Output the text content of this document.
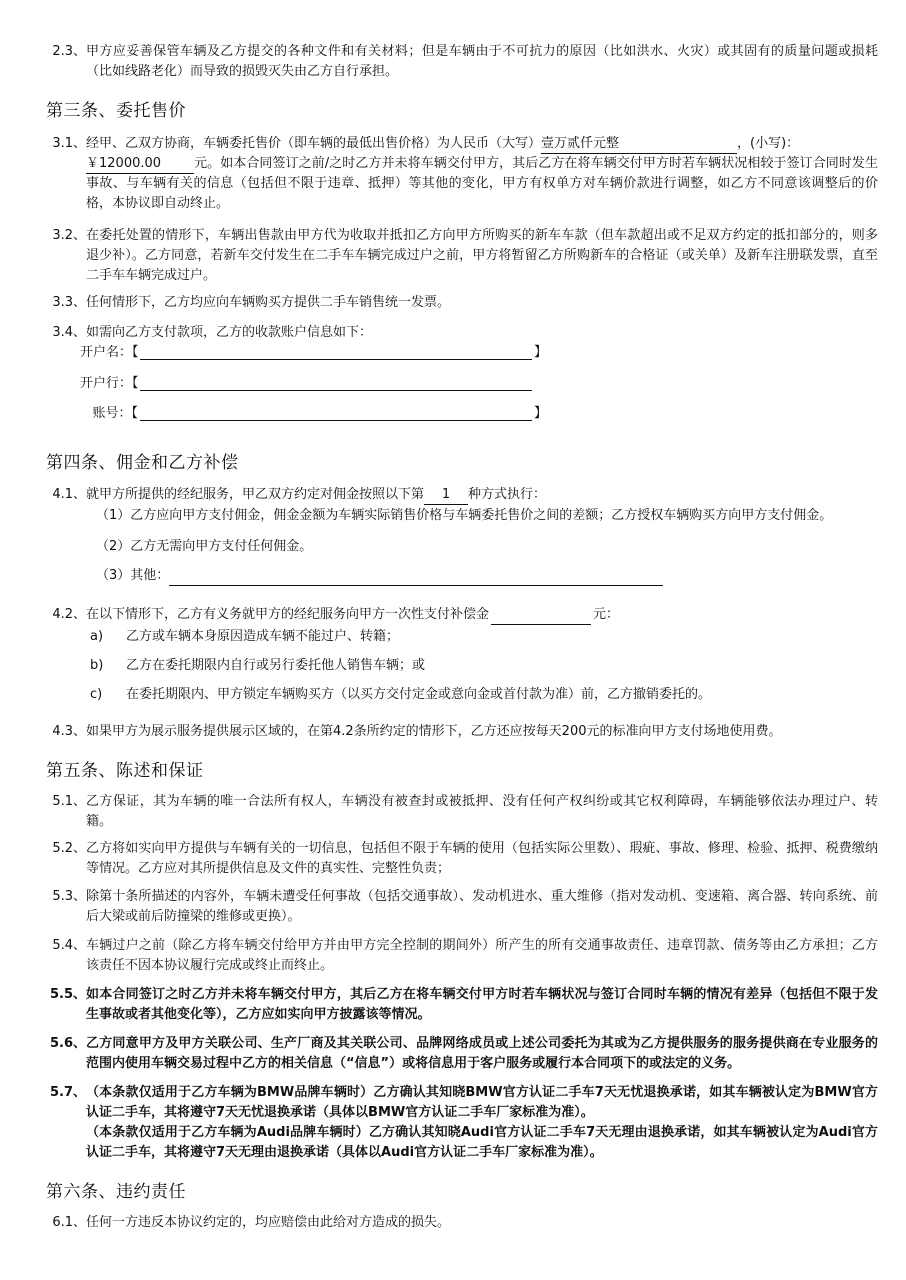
2.3、 甲方应妥善保管车辆及乙方提交的各种文件和有关材料；但是车辆由于不可抗力的原因（比如洪水、火灾）或其固有的质量问题或损耗（比如线路老化）而导致的损毁灭失由乙方自行承担。
第三条、委托售价
3.1、 经甲、乙双方协商，车辆委托售价（即车辆的最低出售价格）为人民币（大写）壹万贰仟元整	，(小写)：
￥12000.00	元。如本合同签订之前/之时乙方并未将车辆交付甲方，其后乙方在将车辆交付甲方时若车辆状况相较于签订合同时发生事故、与车辆有关的信息（包括但不限于违章、抵押）等其他的变化，甲方有权单方对车辆价款进行调整，如乙方不同意该调整后的价格，本协议即自动终止。
3.2、 在委托处置的情形下，车辆出售款由甲方代为收取并抵扣乙方向甲方所购买的新车车款（但车款超出或不足双方约定的抵扣部分的，则多退少补）。乙方同意，若新车交付发生在二手车车辆完成过户之前，甲方将暂留乙方所购新车的合格证（或关单）及新车注册联发票，直至二手车车辆完成过户。
3.3、 任何情形下，乙方均应向车辆购买方提供二手车销售统一发票。
3.4、 如需向乙方支付款项，乙方的收款账户信息如下：
开户名：【	】
开户行：【
账号：【	】
第四条、佣金和乙方补偿
4.1、 就甲方所提供的经纪服务，甲乙双方约定对佣金按照以下第 1 种方式执行：
（1）乙方应向甲方支付佣金，佣金金额为车辆实际销售价格与车辆委托售价之间的差额；乙方授权车辆购买方向甲方支付佣金。
（2）乙方无需向甲方支付任何佣金。
（3）其他：
4.2、 在以下情形下，乙方有义务就甲方的经纪服务向甲方一次性支付补偿金	元：
a) 乙方或车辆本身原因造成车辆不能过户、转籍；
b) 乙方在委托期限内自行或另行委托他人销售车辆；或
c) 在委托期限内、甲方锁定车辆购买方（以买方交付定金或意向金或首付款为准）前，乙方撤销委托的。
4.3、 如果甲方为展示服务提供展示区域的，在第4.2条所约定的情形下，乙方还应按每天200元的标准向甲方支付场地使用费。
第五条、陈述和保证
5.1、 乙方保证，其为车辆的唯一合法所有权人，车辆没有被查封或被抵押、没有任何产权纠纷或其它权利障碍，车辆能够依法办理过户、转籍。
5.2、 乙方将如实向甲方提供与车辆有关的一切信息，包括但不限于车辆的使用（包括实际公里数）、瑕疵、事故、修理、检验、抵押、税费缴纳等情况。乙方应对其所提供信息及文件的真实性、完整性负责；
5.3、 除第十条所描述的内容外，车辆未遭受任何事故（包括交通事故）、发动机进水、重大维修（指对发动机、变速箱、离合器、转向系统、前后大梁或前后防撞梁的维修或更换）。
5.4、 车辆过户之前（除乙方将车辆交付给甲方并由甲方完全控制的期间外）所产生的所有交通事故责任、违章罚款、债务等由乙方承担；乙方该责任不因本协议履行完成或终止而终止。
5.5、 如本合同签订之时乙方并未将车辆交付甲方，其后乙方在将车辆交付甲方时若车辆状况与签订合同时车辆的情况有差异（包括但不限于发生事故或者其他变化等），乙方应如实向甲方披露该等情况。
5.6、 乙方同意甲方及甲方关联公司、生产厂商及其关联公司、品牌网络成员或上述公司委托为其或为乙方提供服务的服务提供商在专业服务的范围内使用车辆交易过程中乙方的相关信息（“信息”）或将信息用于客户服务或履行本合同项下的或法定的义务。
5.7、 （本条款仅适用于乙方车辆为BMW品牌车辆时）乙方确认其知晓BMW官方认证二手车7天无忧退换承诺，如其车辆被认定为BMW官方认证二手车，其将遵守7天无忧退换承诺（具体以BMW官方认证二手车厂家标准为准）。
（本条款仅适用于乙方车辆为Audi品牌车辆时）乙方确认其知晓Audi官方认证二手车7天无理由退换承诺，如其车辆被认定为Audi官方认证二手车，其将遵守7天无理由退换承诺（具体以Audi官方认证二手车厂家标准为准）。
第六条、违约责任
6.1、 任何一方违反本协议约定的，均应赔偿由此给对方造成的损失。
